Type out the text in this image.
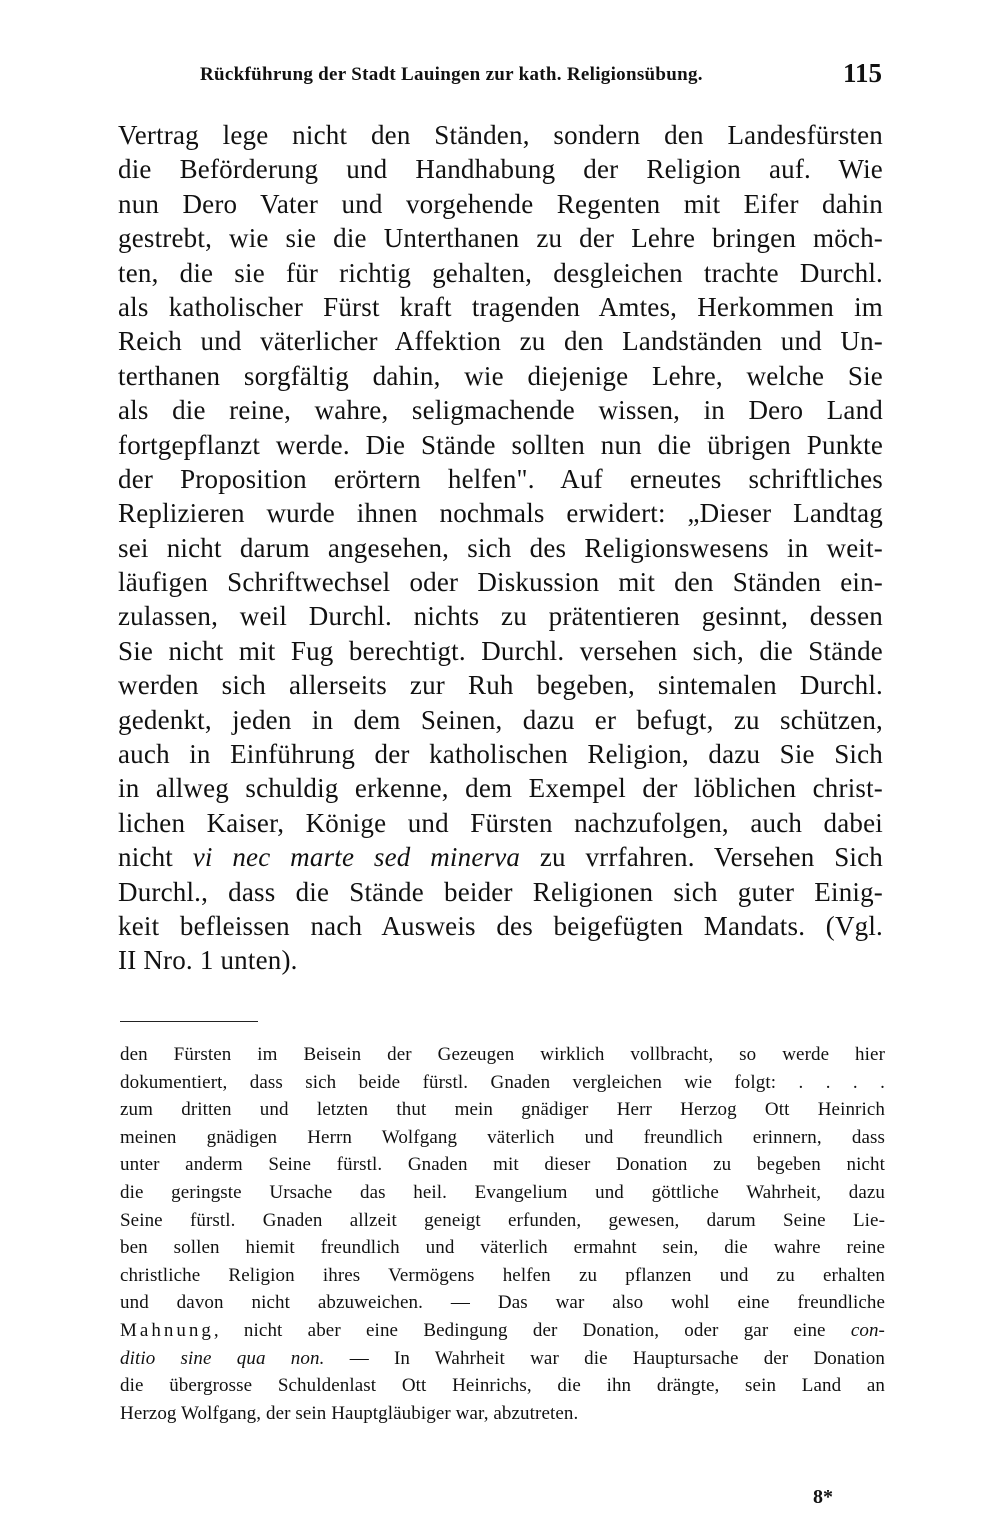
Rückführung der Stadt Lauingen zur kath. Religionsübung.	115
Vertrag lege nicht den Ständen, sondern den Landesfürsten
die Beförderung und Handhabung der Religion auf. Wie
nun Dero Vater und vorgehende Regenten mit Eifer dahin
gestrebt, wie sie die Unterthanen zu der Lehre bringen möch-
ten, die sie für richtig gehalten, desgleichen trachte Durchl.
als katholischer Fürst kraft tragenden Amtes, Herkommen im
Reich und väterlicher Affektion zu den Landständen und Un-
terthanen sorgfältig dahin, wie diejenige Lehre, welche Sie
als die reine, wahre, seligmachende wissen, in Dero Land
fortgepflanzt werde. Die Stände sollten nun die übrigen Punkte
der Proposition erörtern helfen". Auf erneutes schriftliches
Replizieren wurde ihnen nochmals erwidert: „Dieser Landtag
sei nicht darum angesehen, sich des Religionswesens in weit-
läufigen Schriftwechsel oder Diskussion mit den Ständen ein-
zulassen, weil Durchl. nichts zu prätentieren gesinnt, dessen
Sie nicht mit Fug berechtigt. Durchl. versehen sich, die Stände
werden sich allerseits zur Ruh begeben, sintemalen Durchl.
gedenkt, jeden in dem Seinen, dazu er befugt, zu schützen,
auch in Einführung der katholischen Religion, dazu Sie Sich
in allweg schuldig erkenne, dem Exempel der löblichen christ-
lichen Kaiser, Könige und Fürsten nachzufolgen, auch dabei
nicht vi nec marte sed minerva zu vrrfahren. Versehen Sich
Durchl., dass die Stände beider Religionen sich guter Einig-
keit befleissen nach Ausweis des beigefügten Mandats. (Vgl.
II Nro. 1 unten).
den Fürsten im Beisein der Gezeugen wirklich vollbracht, so werde hier
dokumentiert, dass sich beide fürstl. Gnaden vergleichen wie folgt: . . . .
zum dritten und letzten thut mein gnädiger Herr Herzog Ott Heinrich
meinen gnädigen Herrn Wolfgang väterlich und freundlich erinnern, dass
unter anderm Seine fürstl. Gnaden mit dieser Donation zu begeben nicht
die geringste Ursache das heil. Evangelium und göttliche Wahrheit, dazu
Seine fürstl. Gnaden allzeit geneigt erfunden, gewesen, darum Seine Lie-
ben sollen hiemit freundlich und väterlich ermahnt sein, die wahre reine
christliche Religion ihres Vermögens helfen zu pflanzen und zu erhalten
und davon nicht abzuweichen. — Das war also wohl eine freundliche
Mahnung, nicht aber eine Bedingung der Donation, oder gar eine con-
ditio sine qua non. — In Wahrheit war die Hauptursache der Donation
die übergrosse Schuldenlast Ott Heinrichs, die ihn drängte, sein Land an
Herzog Wolfgang, der sein Hauptgläubiger war, abzutreten.
8*
